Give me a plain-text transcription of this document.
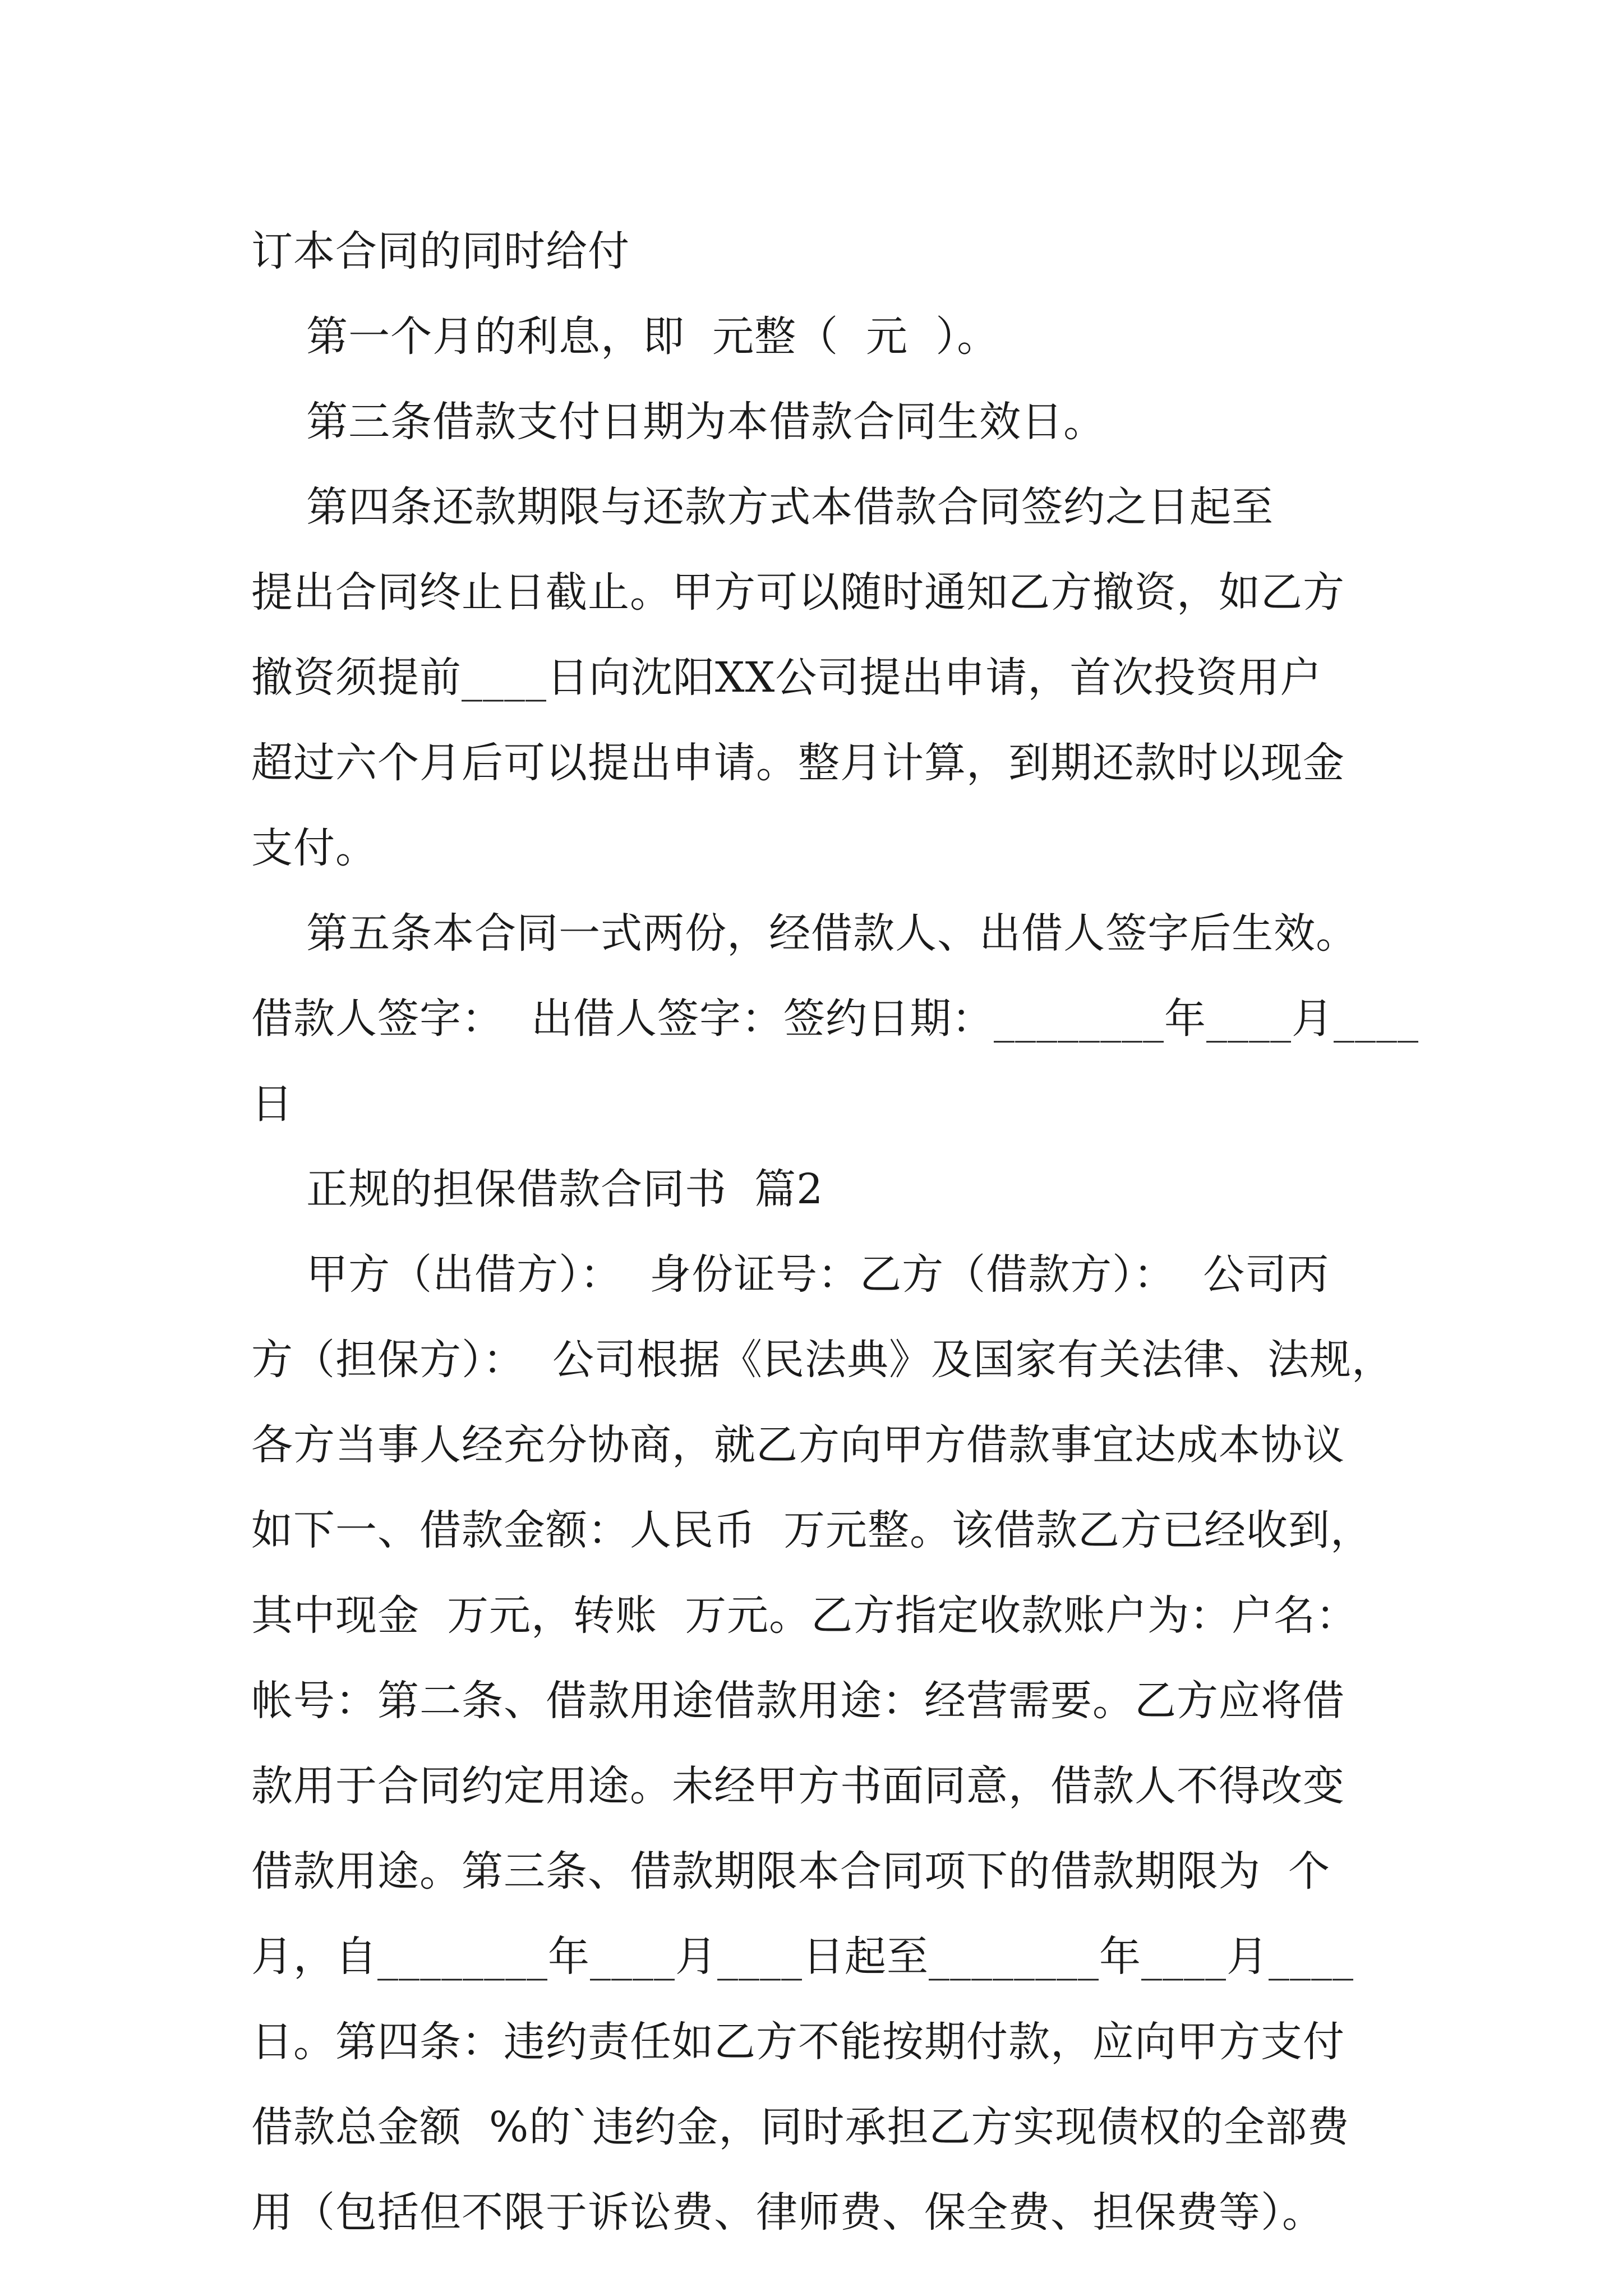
订本合同的同时给付
第一个月的利息，即  元整（  元  ）。
第三条借款支付日期为本借款合同生效日。
第四条还款期限与还款方式本借款合同签约之日起至
提出合同终止日截止。甲方可以随时通知乙方撤资，如乙方
撤资须提前____日向沈阳XX公司提出申请，首次投资用户
超过六个月后可以提出申请。整月计算，到期还款时以现金
支付。
第五条本合同一式两份，经借款人、出借人签字后生效。
借款人签字：  出借人签字：签约日期：________年____月____
日
正规的担保借款合同书  篇2
甲方（出借方）：  身份证号：乙方（借款方）：  公司丙
方（担保方）：  公司根据《民法典》及国家有关法律、法规，
各方当事人经充分协商，就乙方向甲方借款事宜达成本协议
如下一、借款金额：人民币  万元整。该借款乙方已经收到，
其中现金  万元，转账  万元。乙方指定收款账户为：户名：
帐号：第二条、借款用途借款用途：经营需要。乙方应将借
款用于合同约定用途。未经甲方书面同意，借款人不得改变
借款用途。第三条、借款期限本合同项下的借款期限为  个
月，自________年____月____日起至________年____月____
日。第四条：违约责任如乙方不能按期付款，应向甲方支付
借款总金额  %的`违约金，同时承担乙方实现债权的全部费
用（包括但不限于诉讼费、律师费、保全费、担保费等）。
